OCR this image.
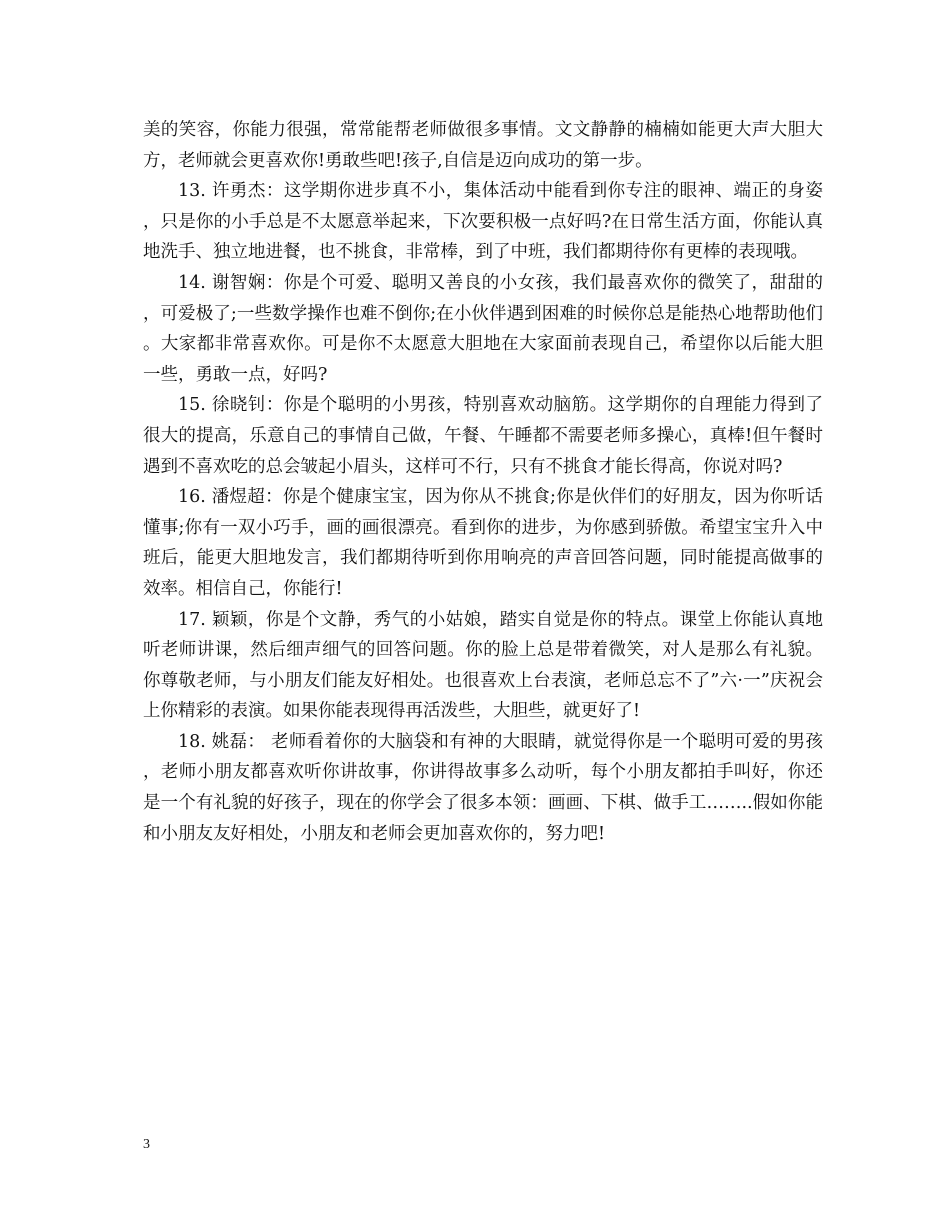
美的笑容，你能力很强，常常能帮老师做很多事情。文文静静的楠楠如能更大声大胆大方，老师就会更喜欢你!勇敢些吧!孩子,自信是迈向成功的第一步。

13. 许勇杰：这学期你进步真不小，集体活动中能看到你专注的眼神、端正的身姿，只是你的小手总是不太愿意举起来，下次要积极一点好吗?在日常生活方面，你能认真地洗手、独立地进餐，也不挑食，非常棒，到了中班，我们都期待你有更棒的表现哦。

14. 谢智娴：你是个可爱、聪明又善良的小女孩，我们最喜欢你的微笑了，甜甜的，可爱极了;一些数学操作也难不倒你;在小伙伴遇到困难的时候你总是能热心地帮助他们。大家都非常喜欢你。可是你不太愿意大胆地在大家面前表现自己，希望你以后能大胆一些，勇敢一点，好吗?

15. 徐晓钊：你是个聪明的小男孩，特别喜欢动脑筋。这学期你的自理能力得到了很大的提高，乐意自己的事情自己做，午餐、午睡都不需要老师多操心，真棒!但午餐时遇到不喜欢吃的总会皱起小眉头，这样可不行，只有不挑食才能长得高，你说对吗?

16. 潘煜超：你是个健康宝宝，因为你从不挑食;你是伙伴们的好朋友，因为你听话懂事;你有一双小巧手，画的画很漂亮。看到你的进步，为你感到骄傲。希望宝宝升入中班后，能更大胆地发言，我们都期待听到你用响亮的声音回答问题，同时能提高做事的效率。相信自己，你能行!

17. 颖颖，你是个文静，秀气的小姑娘，踏实自觉是你的特点。课堂上你能认真地听老师讲课，然后细声细气的回答问题。你的脸上总是带着微笑，对人是那么有礼貌。你尊敬老师，与小朋友们能友好相处。也很喜欢上台表演，老师总忘不了”六·一”庆祝会上你精彩的表演。如果你能表现得再活泼些，大胆些，就更好了!

18. 姚磊： 老师看着你的大脑袋和有神的大眼睛，就觉得你是一个聪明可爱的男孩，老师小朋友都喜欢听你讲故事，你讲得故事多么动听，每个小朋友都拍手叫好，你还是一个有礼貌的好孩子，现在的你学会了很多本领：画画、下棋、做手工……..假如你能和小朋友友好相处，小朋友和老师会更加喜欢你的，努力吧!

3
